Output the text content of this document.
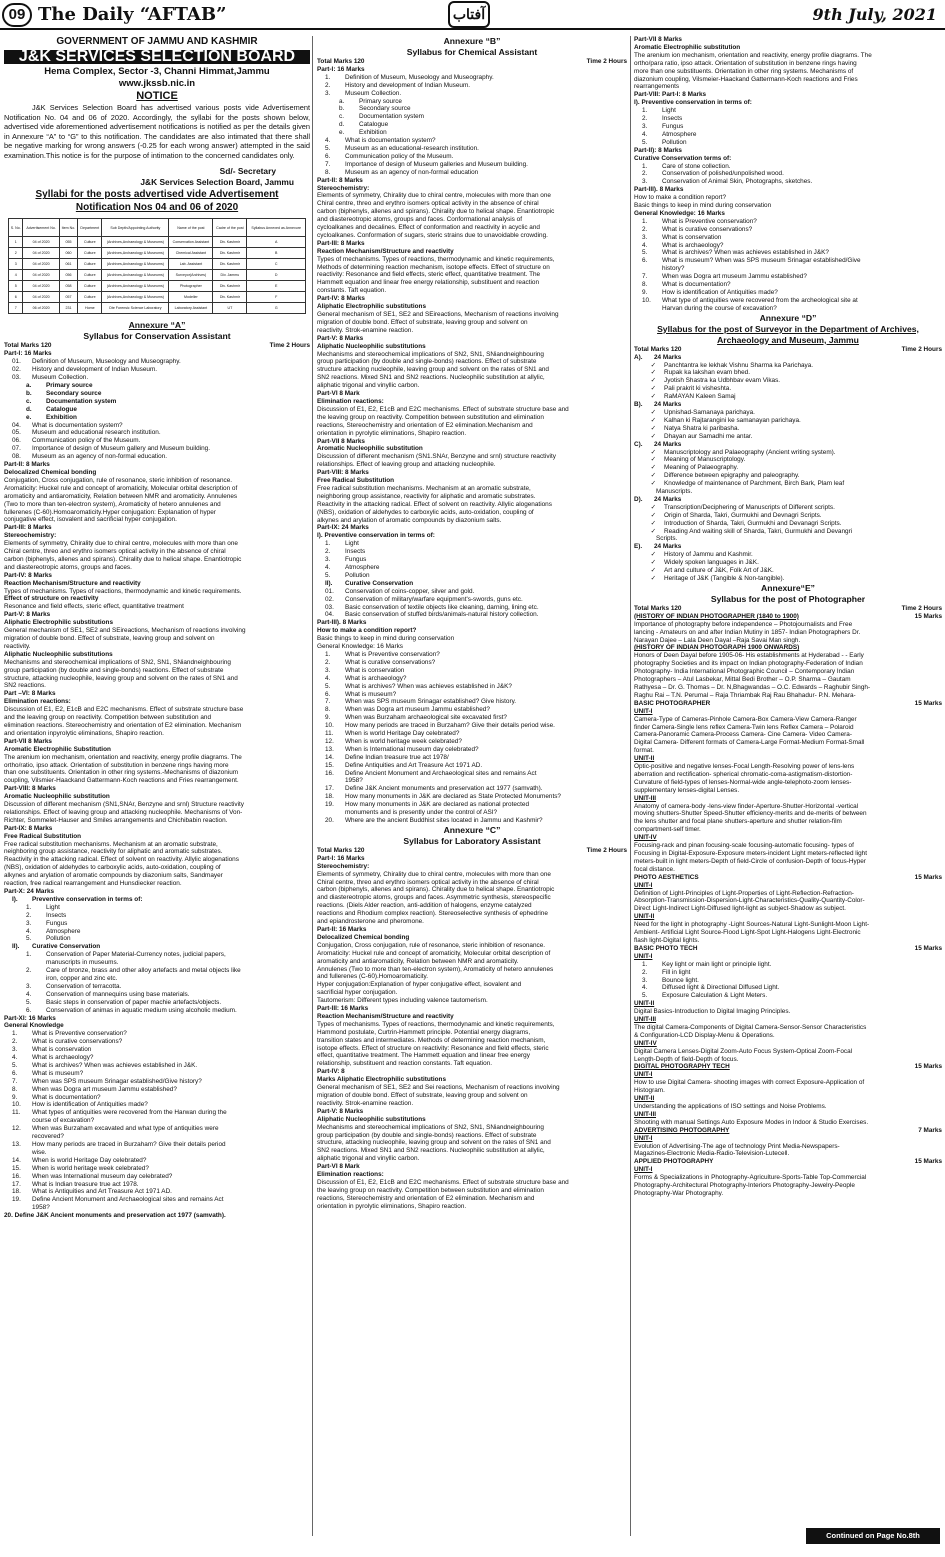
09 The Daily “AFTAB”	آفتاب	9th July, 2021
GOVERNMENT OF JAMMU AND KASHMIR
J&K SERVICES SELECTION BOARD
Hema Complex, Sector -3, Channi Himmat,Jammu
www.jkssb.nic.in
NOTICE
J&K Services Selection Board has advertised various posts vide Advertisement Notification No. 04 and 06 of 2020. Accordingly, the syllabi for the posts shown below, advertised vide aforementioned advertisement notifications is notified as per the details given in Annexure “A” to “G” to this notification. The candidates are also intimated that there shall be negative marking for wrong answers (-0.25 for each wrong answer) attempted in the said examination.This notice is for the purpose of intimation to the concerned candidates only.
Sd/- Secretary
J&K Services Selection Board, Jammu
Syllabi for the posts advertised vide Advertisement
Notification Nos 04 and 06 of 2020
S. No.	Advertisement No.	Item No.	Department	Sub Depth/Appointing Authority	Name of the post	Cadre of the post	Syllabus Annexed as Annexure
1	04 of 2020	055	Culture	(Archives,Archaeology & Museums)	Conservation Assistant	Div. Kashmir	A
2	04 of 2020	060	Culture	(Archives,Archaeology & Museums)	Chemical Assistant	Div. Kashmir	B
3	04 of 2020	061	Culture	(Archives,Archaeology & Museums)	Lab. Assistant	Div. Kashmir	C
4	04 of 2020	056	Culture	(Archives,Archaeology & Museums)	Surveyor(Archives)	Div. Jammu	D
5	04 of 2020	058	Culture	(Archives,Archaeology & Museums)	Photographer	Div. Kashmir	E
6	04 of 2020	057	Culture	(Archives,Archaeology & Museums)	Modeller	Div. Kashmir	F
7	06 of 2020	231	Home	Dte Forensic Science Laboratory	Laboratory Assistant	UT	G
Annexure “A”
Syllabus for Conservation Assistant
Time 2 Hours
Total Marks 120
Part-I: 16 Marks
01. Definition of Museum, Museology and Museography.
02. History and development of Indian Museum.
03. Museum Collection.
a. Primary source
b. Secondary source
c. Documentation system
d. Catalogue
e. Exhibition
04. What is documentation system?
05. Museum and educational research institution.
06. Communication policy of the Museum.
07. Importance of design of Museum gallery and Museum building.
08. Museum as an agency of non-formal education.
Part-II: 8 Marks
Delocalized Chemical bonding
Conjugation, Cross conjugation, rule of resonance, steric inhibition of resonance.
Aromaticity: Huckel rule and concept of aromaticity, Molecular orbital description of
aromaticity and antiaromaticity, Relation between NMR and aromaticity. Annulenes
(Two to more than ten-electron system), Aromaticity of hetero annulenes and
fullerenes (C-60).Homoaromaticity.Hyper conjugation: Explanation of hyper
conjugative effect, isovalent and sacrificial hyper conjugation.
Part-III: 8 Marks
Stereochemistry:
Elements of symmetry, Chirality due to chiral centre, molecules with more than one
Chiral centre, threo and erythro isomers optical activity in the absence of chiral
carbon (biphenyls, allenes and spirans). Chirality due to helical shape. Enantiotropic
and diastereotropic atoms, groups and faces.
Part-IV: 8 Marks
Reaction Mechanism/Structure and reactivity
Types of mechanisms. Types of reactions, thermodynamic and kinetic requirements.
Effect of structure on reactivity
Resonance and field effects, steric effect, quantitative treatment
Part-V: 8 Marks
Aliphatic Electrophilic substitutions
General mechanism of SE1, SE2 and SEireactions, Mechanism of reactions involving
migration of double bond. Effect of substrate, leaving group and solvent on
reactivity.
Aliphatic Nucleophilic substitutions
Mechanisms and stereochemical implications of SN2, SN1, SNiandneighbouring
group participation (by double and single-bonds) reactions. Effect of substrate
structure, attacking nucleophile, leaving group and solvent on the rates of SN1 and
SN2 reactions.
Part –VI: 8 Marks
Elimination reactions:
Discussion of E1, E2, E1cB and E2C mechanisms. Effect of substrate structure base
and the leaving group on reactivity. Competition between substitution and
elimination reactions. Stereochemistry and orientation of E2 elimination. Mechanism
and orientation inpyrolytic eliminations, Shapiro reaction.
Part-VII 8 Marks
Aromatic Electrophilic Substitution
The arenium ion mechanism, orientation and reactivity, energy profile diagrams. The
ortho/ratio, ipso attack. Orientation of substitution in benzene rings having more
than one substituents. Orientation in other ring systems.-Mechanisms of diazonium
coupling, Vilsmier-Haackand Gattermann-Koch reactions and Fries rearrangement.
Part-VIII: 8 Marks
Aromatic Nucleophilic substitution
Discussion of different mechanism (SN1,SNAr, Benzyne and srnl) Structure reactivity
relationships. Effect of leaving group and attacking nucleophile. Mechanisms of Von-
Richter, Sommelet-Hauser and Smiles arrangements and Chichibabin reaction.
Part-IX: 8 Marks
Free Radical Substitution
Free radical substitution mechanisms. Mechanism at an aromatic substrate,
neighboring group assistance, reactivity for aliphatic and aromatic substrates.
Reactivity in the attacking radical. Effect of solvent on reactivity. Allylic alogenations
(NBS), oxidation of aldehydes to carboxylic acids, auto-oxidation, coupling of
alkynes and arylation of aromatic compounds by diazonium salts, Sandmayer
reaction, free radical rearrangement and Hunsdiecker reaction.
Part-X: 24 Marks
I). Preventive conservation in terms of:
1. Light
2. Insects
3. Fungus
4. Atmosphere
5. Pollution
II). Curative Conservation
1. Conservation of Paper Material-Currency notes, judicial papers,
manuscripts in museums.
2. Care of bronze, brass and other alloy artefacts and metal objects like
iron, copper and zinc etc.
3. Conservation of terracotta.
4. Conservation of mannequins using base materials.
5. Basic steps in conservation of paper machie artefacts/objects.
6. Conservation of animas in aquatic medium using alcoholic medium.
Part-XI: 16 Marks
General Knowledge
1. What is Preventive conservation?
2. What is curative conservations?
3. What is conservation
4. What is archaeology?
5. What is archives? When was achieves established in J&K.
6. What is museum?
7. When was SPS museum Srinagar established/Give history?
8. When was Dogra art museum Jammu established?
9. What is documentation?
10. How is identification of Antiquities made?
11. What types of antiquities were recovered from the Harwan during the
course of excavation?
12. When was Burzaham excavated and what type of antiquities were
recovered?
13. How many periods are traced in Burzaham? Give their details period
wise.
14. When is world Heritage Day celebrated?
15. When is world heritage week celebrated?
16. When was International museum day celebrated?
17. What is Indian treasure true act 1978.
18. What is Antiquities and Art Treasure Act 1971 AD.
19. Define Ancient Monument and Archaeological sites and remains Act
1958?
20. Define J&K Ancient monuments and preservation act 1977 (samvath).
Annexure “B”
Syllabus for Chemical Assistant
Time 2 Hours
Total Marks 120
Part-I: 16 Marks
1. Definition of Museum, Museology and Museography.
2. History and development of Indian Museum.
3. Museum Collection.
a. Primary source
b. Secondary source
c. Documentation system
d. Catalogue
e. Exhibition
4. What is documentation system?
5. Museum as an educational-research institution.
6. Communication policy of the Museum.
7. Importance of design of Museum galleries and Museum building.
8. Museum as an agency of non-formal education
Part-II: 8 Marks
Stereochemistry:
Elements of symmetry, Chirality due to chiral centre, molecules with more than one
Chiral centre, threo and erythro isomers optical activity in the absence of chiral
carbon (biphenyls, allenes and spirans). Chirality due to helical shape. Enantiotropic
and diastereotropic atoms, groups and faces. Conformational analysis of
cycloalkanes and decalines. Effect of conformation and reactivity in acyclic and
cycloalkanes. Conformation of sugars, steric strains due to unavoidable crowding.
Part-III: 8 Marks
Reaction Mechanism/Structure and reactivity
Types of mechanisms. Types of reactions, thermodynamic and kinetic requirements,
Methods of determining reaction mechanism, isotope effects. Effect of structure on
reactivity: Resonance and field effects, steric effect, quantitative treatment. The
Hammett equation and linear free energy relationship, substituent and reaction
constants. Taft equation.
Part-IV: 8 Marks
Aliphatic Electrophilic substitutions
General mechanism of SE1, SE2 and SEireactions, Mechanism of reactions involving
migration of double bond. Effect of substrate, leaving group and solvent on
reactivity. Strok-enamine reaction.
Part-V: 8 Marks
Aliphatic Nucleophilic substitutions
Mechanisms and stereochemical implications of SN2, SN1, SNiandneighbouring
group participation (by double and single-bonds) reactions. Effect of substrate
structure attacking nucleophile, leaving group and solvent on the rates of SN1 and
SN2 reactions. Mixed SN1 and SN2 reactions. Nucleophilic substitution at allylic,
aliphatic trigonal and vinyllic carbon.
Part-VI 8 Mark
Elimination reactions:
Discussion of E1, E2, E1cB and E2C mechanisms. Effect of substrate structure base and
the leaving group on reactivity. Competition between substitution and elimination
reactions, Stereochemistry and orientation of E2 elimination.Mechanism and
orientation in pyrolytic eliminations, Shapiro reaction.
Part-VII 8 Marks
Aromatic Nucleophilic substitution
Discussion of different mechanism (SN1.SNAr, Benzyne and srnl) structure reactivity
relationships. Effect of leaving group and attacking nucleophile.
Part-VIII: 8 Marks
Free Radical Substitution
Free radical substitution mechanisms. Mechanism at an aromatic substrate,
neighboring group assistance, reactivity for aliphatic and aromatic substrates.
Reactivity in the attacking radical. Effect of solvent on reactivity. Allylic alogenations
(NBS), oxidation of aldehydes to carboxylic acids, auto-oxidation, coupling of
alkynes and arylation of aromatic compounds by diazonium salts.
Part-IX: 24 Marks
I). Preventive conservation in terms of:
1. Light
2. Insects
3. Fungus
4. Atmosphere
5. Pollution
II). Curative Conservation
01. Conservation of coins-copper, silver and gold.
02. Conservation of military/warfare equipment's-swords, guns etc.
03. Basic conservation of textile objects like cleaning, darning, lining etc.
04. Basic conservation of stuffed birds/animals-natural history collection.
Part-III). 8 Marks
How to make a condition report?
Basic things to keep in mind during conservation
General Knowledge: 16 Marks
1. What is Preventive conservation?
2. What is curative conservations?
3. What is conservation
4. What is archaeology?
5. What is archives? When was achieves established in J&K?
6. What is museum?
7. When was SPS museum Srinagar established? Give history.
8. When was Dogra art museum Jammu established?
9. When was Burzaham archaeological site excavated first?
10. How many periods are traced in Burzaham? Give their details period wise.
11. When is world Heritage Day celebrated?
12. When is world heritage week celebrated?
13. When is International museum day celebrated?
14. Define Indian treasure true act 1978/
15. Define Antiquities and Art Treasure Act 1971 AD.
16. Define Ancient Monument and Archaeological sites and remains Act
1958?
17. Define J&K Ancient monuments and preservation act 1977 (samvath).
18. How many monuments in J&K are declared as State Protected Monuments?
19. How many monuments in J&K are declared as national protected
monuments and is presently under the control of ASI?
20. Where are the ancient Buddhist sites located in Jammu and Kashmir?
Annexure “C”
Syllabus for Laboratory Assistant
Time 2 Hours
Total Marks 120
Part-I: 16 Marks
Stereochemistry:
Elements of symmetry, Chirality due to chiral centre, molecules with more than one
Chiral centre, threo and erythro isomers optical activity in the absence of chiral
carbon (biphenyls, allenes and spirans). Chirality due to helical shape. Enantiotropic
and diastereotropic atoms, groups and faces. Asymmetric synthesis, stereospecific
reactions. (Diels Alder reaction, anti-addition of halogens, enzyme catalyzed
reactions and Rhodium complex reaction). Stereoselective synthesis of ephedrine
and epiandrosterone and pheromone.
Part-II: 16 Marks
Delocalized Chemical bonding
Conjugation, Cross conjugation, rule of resonance, steric inhibition of resonance.
Aromaticity: Huckel rule and concept of aromaticity, Molecular orbital description of
aromaticity and antiaromaticity, Relation between NMR and aromaticity.
Annulenes (Two to more than ten-electron system), Aromaticity of hetero annulenes
and fullerenes (C-60).Homoaromaticity.
Hyper conjugation:Explanation of hyper conjugative effect, isovalent and
sacrificial hyper conjugation.
Tautomerism: Different types including valence tautomerism.
Part-III: 16 Marks
Reaction Mechanism/Structure and reactivity
Types of mechanisms. Types of reactions, thermodynamic and kinetic requirements,
Hammond postulate, Curtrin-Hammett principle. Potential energy diagrams,
transition states and intermediates. Methods of determining reaction mechanism,
isotope effects. Effect of structure on reactivity: Resonance and field effects, steric
effect, quantitative treatment. The Hammett equation and linear free energy
relationship, substituent and reaction constants. Taft equation.
Part-IV: 8
Marks Aliphatic Electrophilic substitutions
General mechanism of SE1, SE2 and Sei reactions, Mechanism of reactions involving
migration of double bond. Effect of substrate, leaving group and solvent on
reactivity. Strok-enamine reaction.
Part-V: 8 Marks
Aliphatic Nucleophilic substitutions
Mechanisms and stereochemical implications of SN2, SN1, SNiandneighbouring
group participation (by double and single-bonds) reactions. Effect of substrate
structure, attacking nucleophile, leaving group and solvent on the rates of SN1 and
SN2 reactions. Mixed SN1 and SN2 reactions. Nucleophilic substitution at allylic,
aliphatic trigonal and vinyllic carbon.
Part-VI 8 Mark
Elimination reactions:
Discussion of E1, E2, E1cB and E2C mechanisms. Effect of substrate structure base and
the leaving group on reactivity. Competition between substitution and elimination
reactions, Stereochemistry and orientation of E2 elimination. Mechanism and
orientation in pyrolytic eliminations, Shapiro reaction.
Part-VII 8 Marks
Aromatic Electrophilic substitution
The arenium ion mechanism, orientation and reactivity, energy profile diagrams. The
ortho/para ratio, ipso attack. Orientation of substitution in benzene rings having
more than one substituents. Orientation in other ring systems. Mechanisms of
diazonium coupling, Vilsmeier-Haackand Gattermann-Koch reactions and Fries
rearrangements
Part-VIII: Part-I: 8 Marks
I). Preventive conservation in terms of:
1. Light
2. Insects
3. Fungus
4. Atmosphere
5. Pollution
Part-II): 8 Marks
Curative Conservation terms of:
1. Care of stone collection.
2. Conservation of polished/unpolished wood.
3. Conservation of Animal Skin, Photographs, sketches.
Part-III). 8 Marks
How to make a condition report?
Basic things to keep in mind during conservation
General Knowledge: 16 Marks
1. What is Preventive conservation?
2. What is curative conservations?
3. What is conservation
4. What is archaeology?
5. What is archives? When was achieves established in J&K?
6. What is museum? When was SPS museum Srinagar established/Give
history?
7. When was Dogra art museum Jammu established?
8. What is documentation?
9. How is identification of Antiquities made?
10. What type of antiquities were recovered from the archeological site at
Harvan during the course of excavation?
Annexure “D”
Syllabus for the post of Surveyor in the Department of Archives,
Archaeology and Museum, Jammu
Time 2 Hours
Total Marks 120
A). 24 Marks
✓ Panchtantra ke lekhak Vishnu Sharma ka Parichaya.
✓ Rupak ka lakshan evam bhed.
✓ Jyotish Shastra ka Udbhbav evam Vikas.
✓ Pali prakrit ki visheshta.
✓ RaMAYAN Kaleen Samaj
B). 24 Marks
✓ Upnishad-Samanaya parichaya.
✓ Kalhan ki Rajtarangini ke samanayan parichaya.
✓ Natya Shatra ki paribasha.
✓ Dhayan aur Samadhi me antar.
C). 24 Marks
✓ Manuscriptology and Palaeography (Ancient writing system).
✓ Meaning of Manuscriptology.
✓ Meaning of Palaeography.
✓ Difference between epigraphy and paleography.
✓ Knowledge of maintenance of Parchment, Birch Bark, Plam leaf
Manuscripts.
D). 24 Marks
✓ Transcription/Deciphering of Manuscripts of Different scripts.
✓ Origin of Sharda, Takri, Gurmukhi and Devnagri Scripts.
✓ Introduction of Sharda, Takri, Gurmukhi and Devanagri Scripts.
✓ Reading And waiting skill of Sharda, Takri, Gurmukhi and Devangri
Scripts.
E). 24 Marks
✓ History of Jammu and Kashmir.
✓ Widely spoken languages in J&K.
✓ Art and culture of J&K, Folk Art of J&K.
✓ Heritage of J&K (Tangible & Non-tangible).
Annexure“E”
Syllabus for the post of Photographer
Time 2 Hours
Total Marks 120
15 Marks
(HISTORY OF INDIAN PHOTOGRAPHER (1840 to 1900)
Importance of photography before independence – Photojournalists and Free
lancing - Amateurs on and after Indian Mutiny in 1857- Indian Photographers Dr.
Narayan Dajee – Lala Deen Dayal –Raja Savai Man singh.
(HISTORY OF INDIAN PHOTOGRAPH 1900 ONWARDS)
Honors of Deen Dayal before 1905-06- His establishments at Hyderabad - - Early
photography Societies and its impact on Indian photography-Federation of Indian
Photography- India International Photographic Council – Contemporary Indian
Photographers – Atul Lasbekar, Mittal Bedi Brother – O.P. Sharma – Gautam
Rathyesa – Dr. G. Thomas – Dr. N,Bhagwandas – O.C. Edwards – Raghubir Singh-
Raghu Rai – T.N. Perumal – Raja Thriambak Raj Rau Bhahadur- P.N. Mehara-
15 Marks
BASIC PHOTOGRAPHER
UNIT-I
Camera-Type of Cameras-Pinhole Camera-Box Camera-View Camera-Ranger
finder Camera-Single lens reflex Camera-Twin lens Reflex Camera – Polaroid
Camera-Panoramic Camera-Process Camera- Cine Camera- Video Camera-
Digital Camera- Different formats of Camera-Large Format-Medium Format-Small
format.
UNIT-II
Optic-positive and negative lenses-Focal Length-Resolving power of lens-lens
aberration and rectification- spherical chromatic-coma-astigmatism-distortion-
Curvature of field-types of lenses-Normal-wide angle-telephoto-zoom lenses-
supplementary lenses-digital Lenses.
UNIT-III
Anatomy of camera-body -lens-view finder-Aperture-Shutter-Horizontal -vertical
moving shutters-Shutter Speed-Shutter efficiency-merits and de-merits of between
the lens shutter and focal plane shutters-aperture and shutter relation-film
compartment-self timer.
UNIT-IV
Focusing-rack and pinan focusing-scale focusing-automatic focusing- types of
Focusing in Digital-Exposure-Exposure meters-incident Light meters-reflected light
meters-built in light meters-Depth of field-Circle of confusion-Depth of focus-Hyper
focal distance.
15 Marks
PHOTO AESTHETICS
UNIT-I
Definition of Light-Principles of Light-Properties of Light-Reflection-Refraction-
Absorption-Transmission-Dispersion-Light-Characteristics-Quality-Quantity-Color-
Direct Light-Indirect Light-Diffused light-light as subject-Shadow as subject.
UNIT-II
Need for the light in photography -Light Sources-Natural Light-Sunlight-Moon Light-
Ambient- Artificial Light Source-Flood Light-Spot Light-Halogens Light-Electronic
flash light-Digital lights.
15 Marks
BASIC PHOTO TECH
UNIT-I
1. Key light or main light or principle light.
2. Fill in light
3. Bounce light.
4. Diffused light & Directional Diffused Light.
5. Exposure Calculation & Light Meters.
UNIT-II
Digital Basics-Introduction to Digital Imaging Principles.
UNIT-III
The digital Camera-Components of Digital Camera-Sensor-Sensor Characteristics
& Configuration-LCD Display-Menu & Operations.
UNIT-IV
Digital Camera Lenses-Digital Zoom-Auto Focus System-Optical Zoom-Focal
Length-Depth of field-Depth of focus.
15 Marks
DIGITAL PHOTOGRAPHY TECH
UNIT-I
How to use Digital Camera- shooting images with correct Exposure-Application of
Histogram.
UNIT-II
Understanding the applications of ISO settings and Noise Problems.
UNIT-III
Shooting with manual Settings Auto Exposure Modes in Indoor & Studio Exercises.
7 Marks
ADVERTISING PHOTOGRAPHY
UNIT-I
Evolution of Advertising-The age of technology Print Media-Newspapers-
Magazines-Electronic Media-Radio-Television-Lutecell.
15 Marks
APPLIED PHOTOGRAPHY
UNIT-I
Forms & Specializations in Photography-Agriculture-Sports-Table Top-Commercial
Photography-Architectural Photography-Interiors Photography-Jewelry-People
Photography-War Photography.
Continued on Page No.8th
